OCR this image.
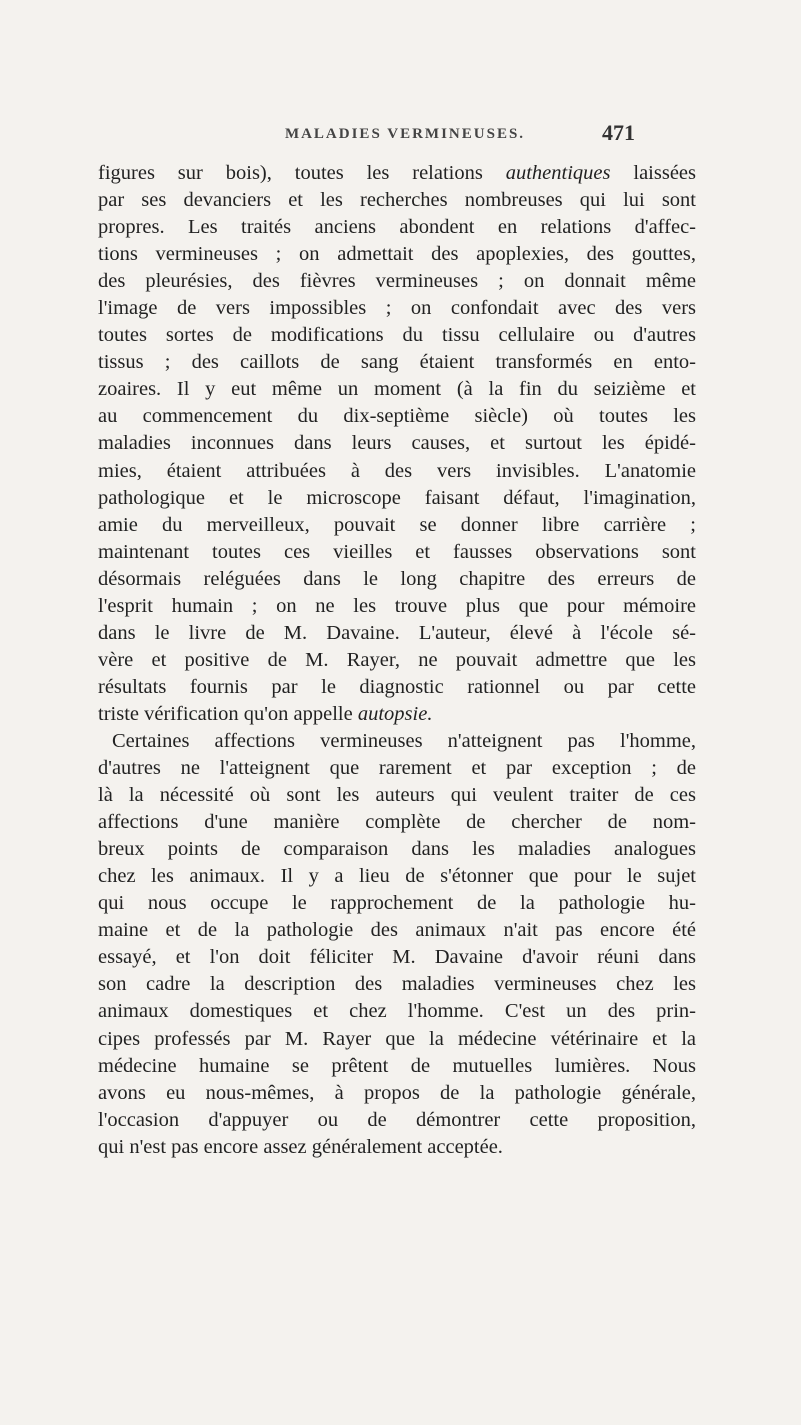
MALADIES VERMINEUSES.	471
figures sur bois), toutes les relations authentiques laissées
par ses devanciers et les recherches nombreuses qui lui sont
propres. Les traités anciens abondent en relations d'affec-
tions vermineuses ; on admettait des apoplexies, des gouttes,
des pleurésies, des fièvres vermineuses ; on donnait même
l'image de vers impossibles ; on confondait avec des vers
toutes sortes de modifications du tissu cellulaire ou d'autres
tissus ; des caillots de sang étaient transformés en ento-
zoaires. Il y eut même un moment (à la fin du seizième et
au commencement du dix-septième siècle) où toutes les
maladies inconnues dans leurs causes, et surtout les épidé-
mies, étaient attribuées à des vers invisibles. L'anatomie
pathologique et le microscope faisant défaut, l'imagination,
amie du merveilleux, pouvait se donner libre carrière ;
maintenant toutes ces vieilles et fausses observations sont
désormais reléguées dans le long chapitre des erreurs de
l'esprit humain ; on ne les trouve plus que pour mémoire
dans le livre de M. Davaine. L'auteur, élevé à l'école sé-
vère et positive de M. Rayer, ne pouvait admettre que les
résultats fournis par le diagnostic rationnel ou par cette
triste vérification qu'on appelle autopsie.
Certaines affections vermineuses n'atteignent pas l'homme,
d'autres ne l'atteignent que rarement et par exception ; de
là la nécessité où sont les auteurs qui veulent traiter de ces
affections d'une manière complète de chercher de nom-
breux points de comparaison dans les maladies analogues
chez les animaux. Il y a lieu de s'étonner que pour le sujet
qui nous occupe le rapprochement de la pathologie hu-
maine et de la pathologie des animaux n'ait pas encore été
essayé, et l'on doit féliciter M. Davaine d'avoir réuni dans
son cadre la description des maladies vermineuses chez les
animaux domestiques et chez l'homme. C'est un des prin-
cipes professés par M. Rayer que la médecine vétérinaire et la
médecine humaine se prêtent de mutuelles lumières. Nous
avons eu nous-mêmes, à propos de la pathologie générale,
l'occasion d'appuyer ou de démontrer cette proposition,
qui n'est pas encore assez généralement acceptée.
